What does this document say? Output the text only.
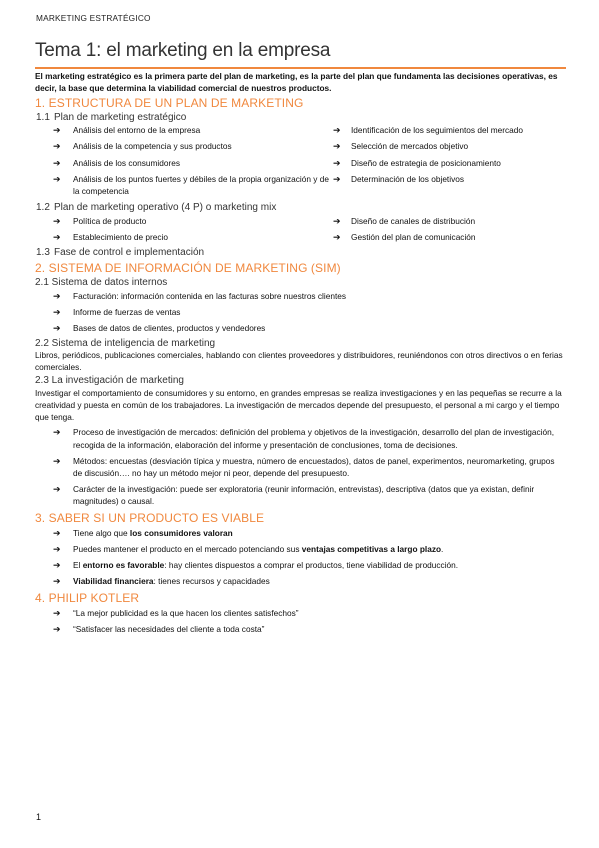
MARKETING ESTRATÉGICO
Tema 1: el marketing en la empresa

El marketing estratégico es la primera parte del plan de marketing, es la parte del plan que fundamenta las decisiones operativas, es decir, la base que determina la viabilidad comercial de nuestros productos.

1. ESTRUCTURA DE UN PLAN DE MARKETING
1.1 Plan de marketing estratégico
➔	Análisis del entorno de la empresa
➔	Análisis de la competencia y sus productos
➔	Análisis de los consumidores
➔	Análisis de los puntos fuertes y débiles de la propia organización y de la competencia
➔	Identificación de los seguimientos del mercado
➔	Selección de mercados objetivo
➔	Diseño de estrategia de posicionamiento
➔	Determinación de los objetivos
1.2 Plan de marketing operativo (4 P) o marketing mix
➔	Política de producto
➔	Establecimiento de precio
➔	Diseño de canales de distribución
➔	Gestión del plan de comunicación
1.3 Fase de control e implementación
2. SISTEMA DE INFORMACIÓN DE MARKETING (SIM)
2.1 Sistema de datos internos
➔	Facturación: información contenida en las facturas sobre nuestros clientes
➔	Informe de fuerzas de ventas
➔	Bases de datos de clientes, productos y vendedores
2.2 Sistema de inteligencia de marketing

Libros, periódicos, publicaciones comerciales, hablando con clientes proveedores y distribuidores, reuniéndonos con otros directivos o en ferias comerciales.

2.3 La investigación de marketing

Investigar el comportamiento de consumidores y su entorno, en grandes empresas se realiza investigaciones y en las pequeñas se recurre a la creatividad y puesta en común de los trabajadores. La investigación de mercados depende del presupuesto, el personal a mi cargo y el tiempo que tenga.

➔	Proceso de investigación de mercados: definición del problema y objetivos de la investigación, desarrollo del plan de investigación, recogida de la información, elaboración del informe y presentación de conclusiones, toma de decisiones.
➔	Métodos: encuestas (desviación típica y muestra, número de encuestados), datos de panel, experimentos, neuromarketing, grupos de discusión…. no hay un método mejor ni peor, depende del presupuesto.
➔	Carácter de la investigación: puede ser exploratoria (reunir información, entrevistas), descriptiva (datos que ya existan, definir magnitudes) o causal.
3. SABER SI UN PRODUCTO ES VIABLE
➔	Tiene algo que los consumidores valoran
➔	Puedes mantener el producto en el mercado potenciando sus ventajas competitivas a largo plazo.
➔	El entorno es favorable: hay clientes dispuestos a comprar el productos, tiene viabilidad de producción.
➔	Viabilidad financiera: tienes recursos y capacidades
4. PHILIP KOTLER
➔	“La mejor publicidad es la que hacen los clientes satisfechos”
➔	“Satisfacer las necesidades del cliente a toda costa”
1
